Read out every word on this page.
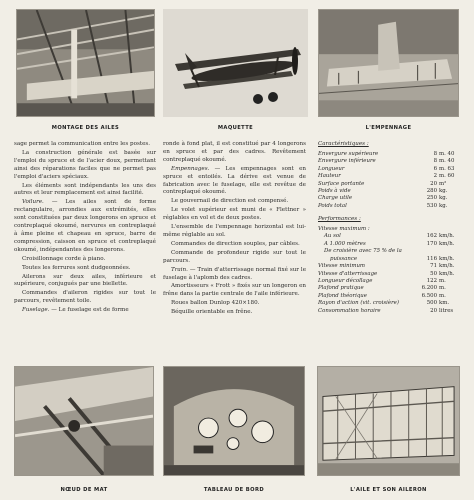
MONTAGE DES AILES	MAQUETTE	L'EMPENNAGE

sage permet la communication entre les postes.

La construction générale est basée sur l'emploi du spruce et de l'acier doux, permettant ainsi des réparations faciles que ne permet pas l'emploi d'aciers spéciaux.

Les éléments sont indépendants les uns des autres et leur remplacement est ainsi facilité.

Voilure. — Les ailes sont de forme rectangulaire, arrondies aux extrémités, elles sont constituées par deux longerons en spruce et contreplaqué okoumé, nervures en contreplaqué à âme pleine et chapeau en spruce, barre de compression, caisson en spruce et contreplaqué okoumé, indépendantes des longerons.

Croisillonnage corde à piano.

Toutes les ferrures sont dudgeonnées.

Ailerons sur deux ailes, inférieure et supérieure, conjugués par une biellette.

Commandes d'aileron rigides sur tout le parcours, revêtement toile.

Fuselage. — Le fuselage est de forme

ronde à fond plat, il est constitué par 4 longerons en spruce et par des cadres. Revêtement contreplaqué okoumé.

Empennages. — Les empennages sont en spruce et entoilés. La dérive est venue de fabrication avec le fuselage, elle est revêtue de contreplaqué okoumé.

Le gouvernail de direction est compensé.

Le volet supérieur est muni de « Flettner » réglables en vol et de deux postes.

L'ensemble de l'empennage horizontal est lui-même réglable au sol.

Commandes de direction souples, par câbles.

Commande de profondeur rigide sur tout le parcours.

Train. — Train d'atterrissage normal fixé sur le fuselage à l'aplomb des cadres.

Amortisseurs « Frott » fixés sur un longeron en frêne dans la partie centrale de l'aile inférieure.

Roues ballon Dunlop 420×180.

Béquille orientable en frêne.

Caractéristiques :
Envergure supérieure	8	m. 40
Envergure inférieure	8	m. 40
Longueur	6	m. 63
Hauteur	2	m. 60
Surface portante	20	m²
Poids à vide	280	kg.
Charge utile	250	kg.
Poids total	530	kg.
Performances :
Vitesse maximum :		
Au sol	162	km/h.
A 1.000 mètres	170	km/h.
De croisière avec 75 % de la		
puissance	116	km/h.
Vitesse minimum	71	km/h.
Vitesse d'atterrissage	50	km/h.
Longueur décollage	122	m.
Plafond pratique	6.200	m.
Plafond théorique	6.500	m.
Rayon d'action (vit. croisière)	500	km.
Consommation horaire	20	litres
NŒUD DE MAT	TABLEAU DE BORD	L'AILE ET SON AILERON
